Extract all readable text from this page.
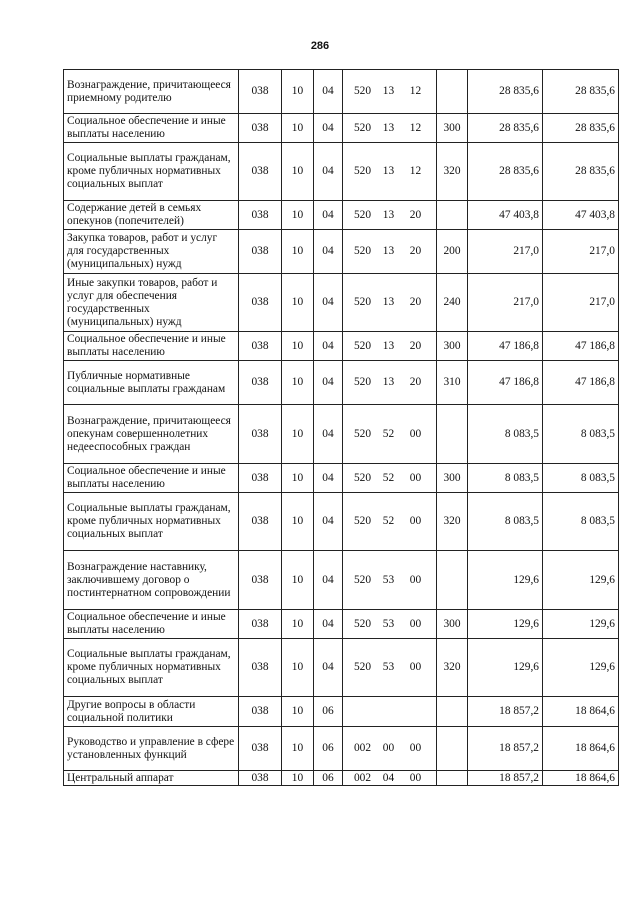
286
Вознаграждение, причитающееся приемному родителю	038	10	04	520 13 12		28 835,6	28 835,6
Социальное обеспечение и иные выплаты населению	038	10	04	520 13 12	300	28 835,6	28 835,6
Социальные выплаты гражданам, кроме публичных нормативных социальных выплат	038	10	04	520 13 12	320	28 835,6	28 835,6
Содержание детей в семьях опекунов (попечителей)	038	10	04	520 13 20		47 403,8	47 403,8
Закупка товаров, работ и услуг для государственных (муниципальных) нужд	038	10	04	520 13 20	200	217,0	217,0
Иные закупки товаров, работ и услуг для обеспечения государственных (муниципальных) нужд	038	10	04	520 13 20	240	217,0	217,0
Социальное обеспечение и иные выплаты населению	038	10	04	520 13 20	300	47 186,8	47 186,8
Публичные нормативные социальные выплаты гражданам	038	10	04	520 13 20	310	47 186,8	47 186,8
Вознаграждение, причитающееся опекунам совершеннолетних недееспособных граждан	038	10	04	520 52 00		8 083,5	8 083,5
Социальное обеспечение и иные выплаты населению	038	10	04	520 52 00	300	8 083,5	8 083,5
Социальные выплаты гражданам, кроме публичных нормативных социальных выплат	038	10	04	520 52 00	320	8 083,5	8 083,5
Вознаграждение наставнику, заключившему договор о постинтернатном сопровождении	038	10	04	520 53 00		129,6	129,6
Социальное обеспечение и иные выплаты населению	038	10	04	520 53 00	300	129,6	129,6
Социальные выплаты гражданам, кроме публичных нормативных социальных выплат	038	10	04	520 53 00	320	129,6	129,6
Другие вопросы в области социальной политики	038	10	06			18 857,2	18 864,6
Руководство и управление в сфере установленных функций	038	10	06	002 00 00		18 857,2	18 864,6
Центральный аппарат	038	10	06	002 04 00		18 857,2	18 864,6
